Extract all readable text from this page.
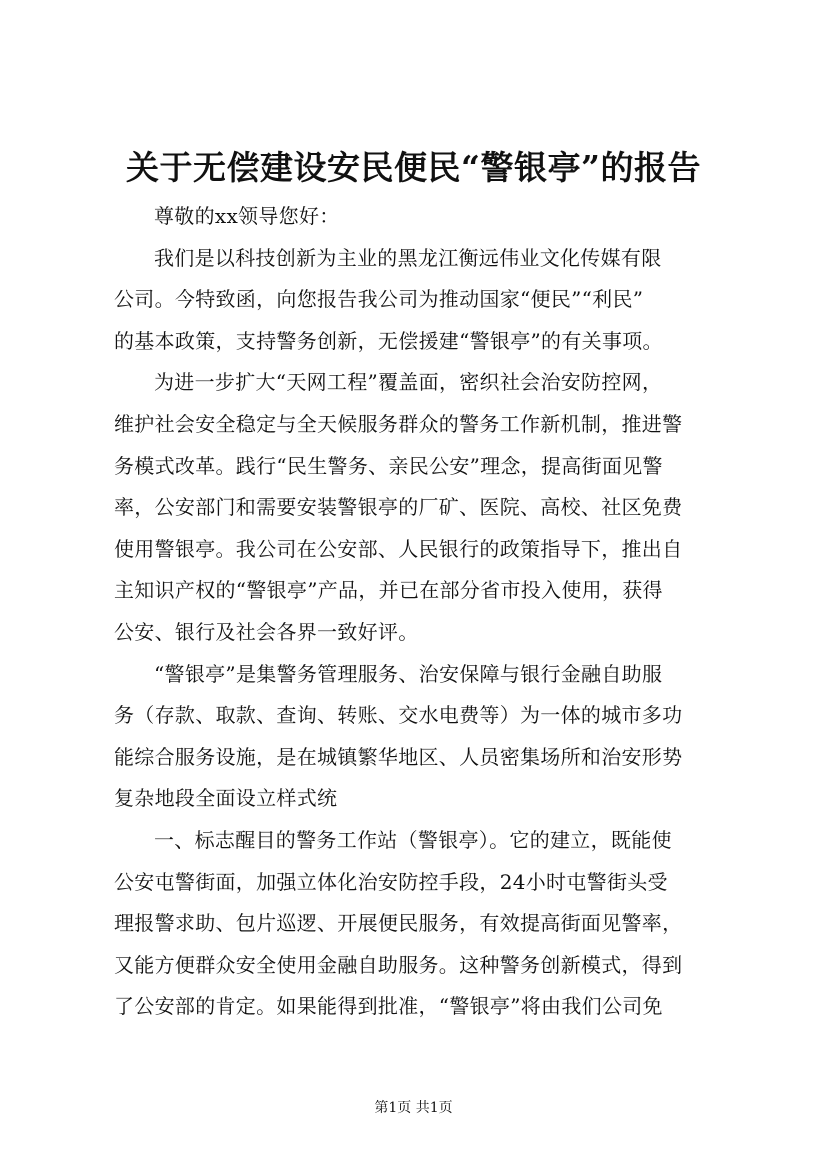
关于无偿建设安民便民“警银亭”的报告
尊敬的xx领导您好：
我们是以科技创新为主业的黑龙江衡远伟业文化传媒有限
公司。今特致函，向您报告我公司为推动国家“便民”“利民”
的基本政策，支持警务创新，无偿援建“警银亭”的有关事项。
为进一步扩大“天网工程”覆盖面，密织社会治安防控网，
维护社会安全稳定与全天候服务群众的警务工作新机制，推进警
务模式改革。践行“民生警务、亲民公安”理念，提高街面见警
率，公安部门和需要安装警银亭的厂矿、医院、高校、社区免费
使用警银亭。我公司在公安部、人民银行的政策指导下，推出自
主知识产权的“警银亭”产品，并已在部分省市投入使用，获得
公安、银行及社会各界一致好评。
“警银亭”是集警务管理服务、治安保障与银行金融自助服
务（存款、取款、查询、转账、交水电费等）为一体的城市多功
能综合服务设施，是在城镇繁华地区、人员密集场所和治安形势
复杂地段全面设立样式统
一、标志醒目的警务工作站（警银亭）。它的建立，既能使
公安屯警街面，加强立体化治安防控手段，24小时屯警街头受
理报警求助、包片巡逻、开展便民服务，有效提高街面见警率，
又能方便群众安全使用金融自助服务。这种警务创新模式，得到
了公安部的肯定。如果能得到批准，“警银亭”将由我们公司免
第1页 共1页
